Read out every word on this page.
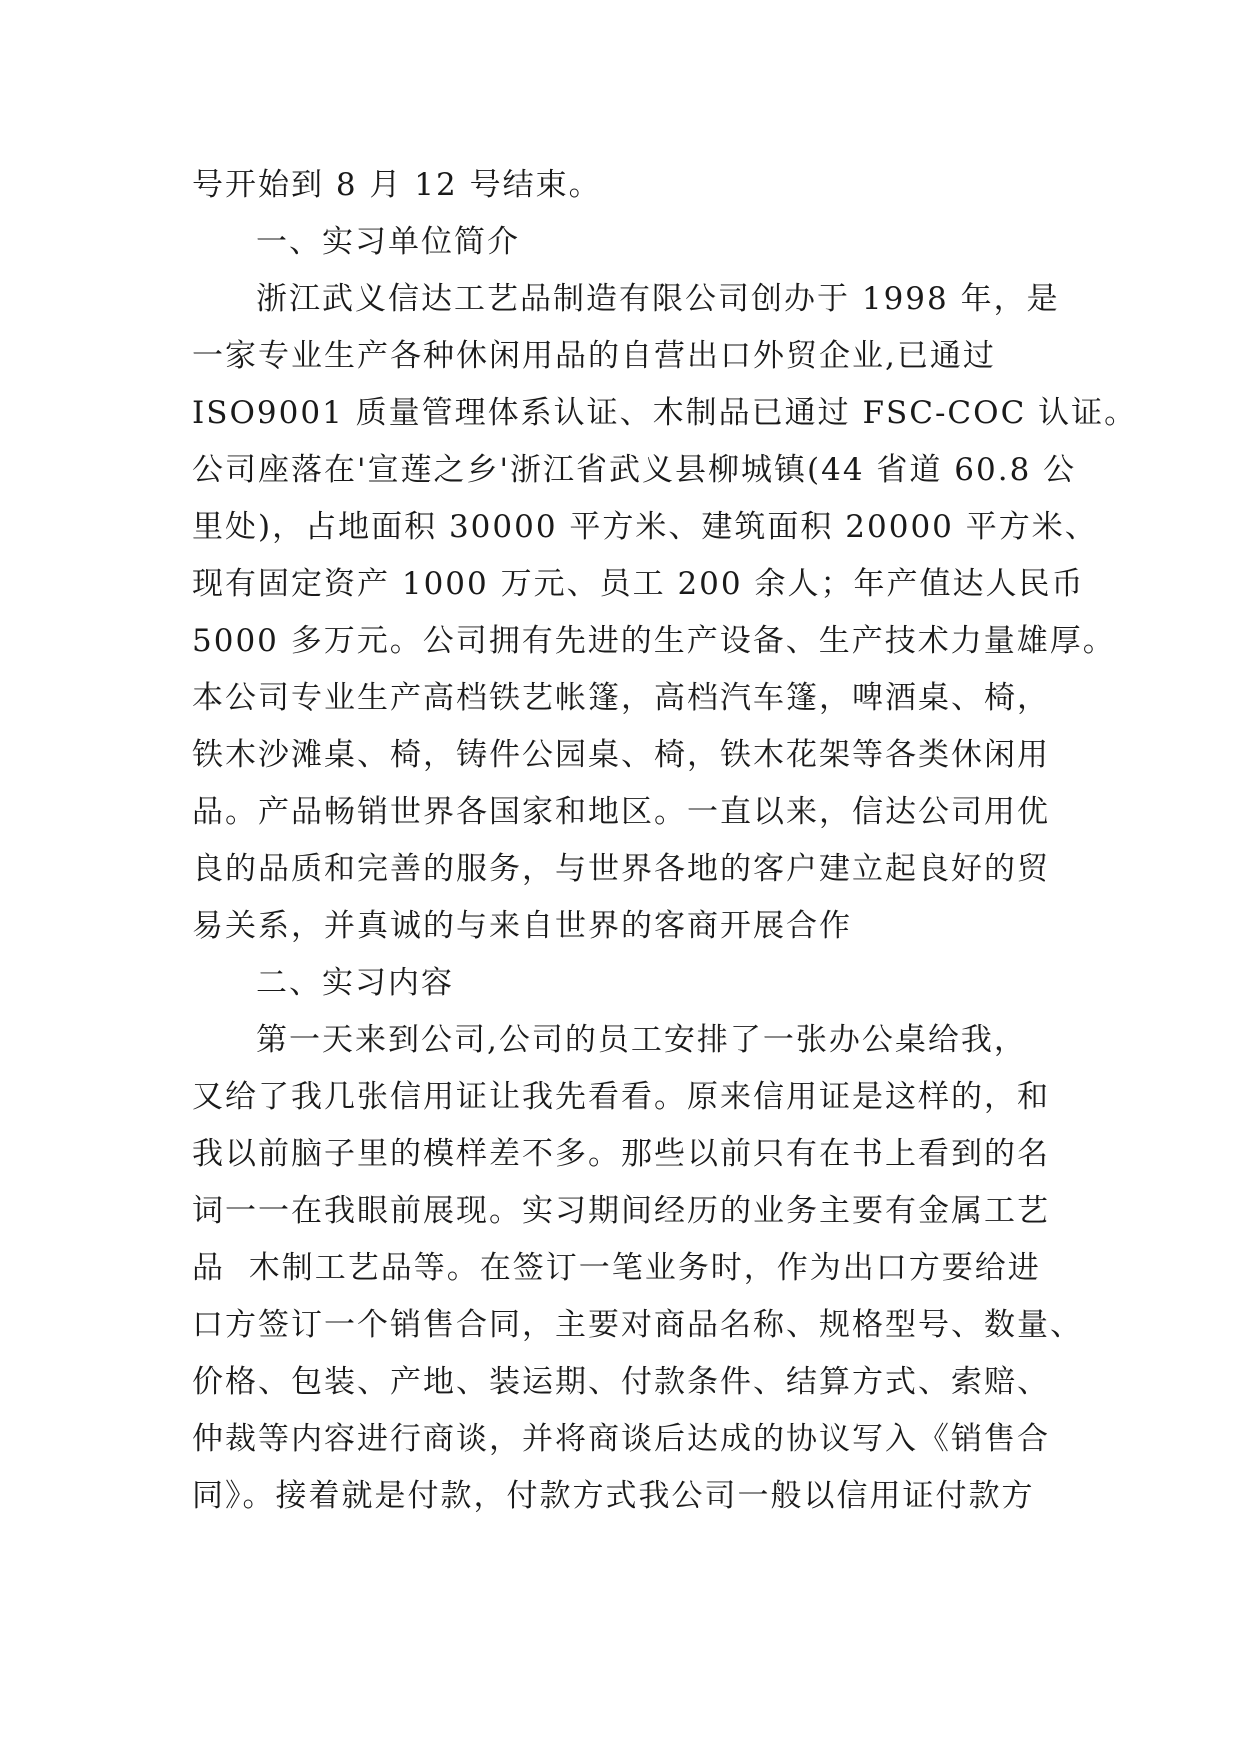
号开始到 8 月 12 号结束。
一、实习单位简介
浙江武义信达工艺品制造有限公司创办于 1998 年，是
一家专业生产各种休闲用品的自营出口外贸企业,已通过
ISO9001 质量管理体系认证、木制品已通过 FSC-COC 认证。
公司座落在'宣莲之乡'浙江省武义县柳城镇(44 省道 60.8 公
里处)，占地面积 30000 平方米、建筑面积 20000 平方米、
现有固定资产 1000 万元、员工 200 余人；年产值达人民币
5000 多万元。公司拥有先进的生产设备、生产技术力量雄厚。
本公司专业生产高档铁艺帐篷，高档汽车篷，啤酒桌、椅，
铁木沙滩桌、椅，铸件公园桌、椅，铁木花架等各类休闲用
品。产品畅销世界各国家和地区。一直以来，信达公司用优
良的品质和完善的服务，与世界各地的客户建立起良好的贸
易关系，并真诚的与来自世界的客商开展合作
二、实习内容
第一天来到公司,公司的员工安排了一张办公桌给我，
又给了我几张信用证让我先看看。原来信用证是这样的，和
我以前脑子里的模样差不多。那些以前只有在书上看到的名
词一一在我眼前展现。实习期间经历的业务主要有金属工艺
品  木制工艺品等。在签订一笔业务时，作为出口方要给进
口方签订一个销售合同，主要对商品名称、规格型号、数量、
价格、包装、产地、装运期、付款条件、结算方式、索赔、
仲裁等内容进行商谈，并将商谈后达成的协议写入《销售合
同》。接着就是付款，付款方式我公司一般以信用证付款方
